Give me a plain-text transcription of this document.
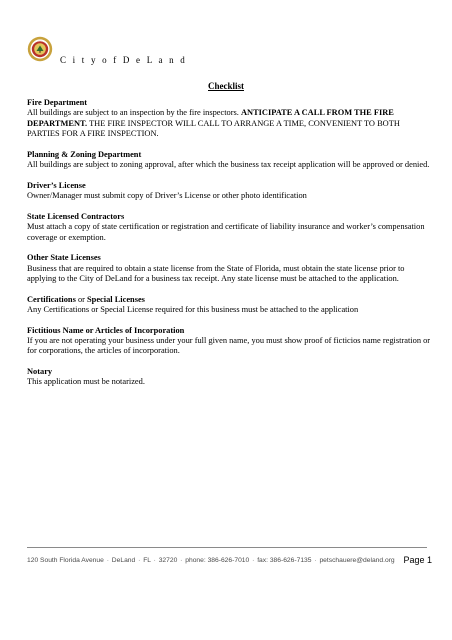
C i t y o f D e L a n d
Checklist

Fire Department

All buildings are subject to an inspection by the fire inspectors. ANTICIPATE A CALL FROM THE FIRE DEPARTMENT. THE FIRE INSPECTOR WILL CALL TO ARRANGE A TIME, CONVENIENT TO BOTH PARTIES FOR A FIRE INSPECTION.

Planning & Zoning Department

All buildings are subject to zoning approval, after which the business tax receipt application will be approved or denied.

Driver’s License

Owner/Manager must submit copy of Driver’s License or other photo identification

State Licensed Contractors

Must attach a copy of state certification or registration and certificate of liability insurance and worker’s compensation coverage or exemption.

Other State Licenses

Business that are required to obtain a state license from the State of Florida, must obtain the state license prior to applying to the City of DeLand for a business tax receipt. Any state license must be attached to the application.

Certifications or Special Licenses

Any Certifications or Special License required for this business must be attached to the application

Fictitious Name or Articles of Incorporation

If you are not operating your business under your full given name, you must show proof of ficticios name registration or for corporations, the articles of incorporation.

Notary

This application must be notarized.

120 South Florida Avenue · DeLand · FL · 32720 · phone: 386-626-7010 · fax: 386-626-7135 · petschauere@deland.org Page 1
